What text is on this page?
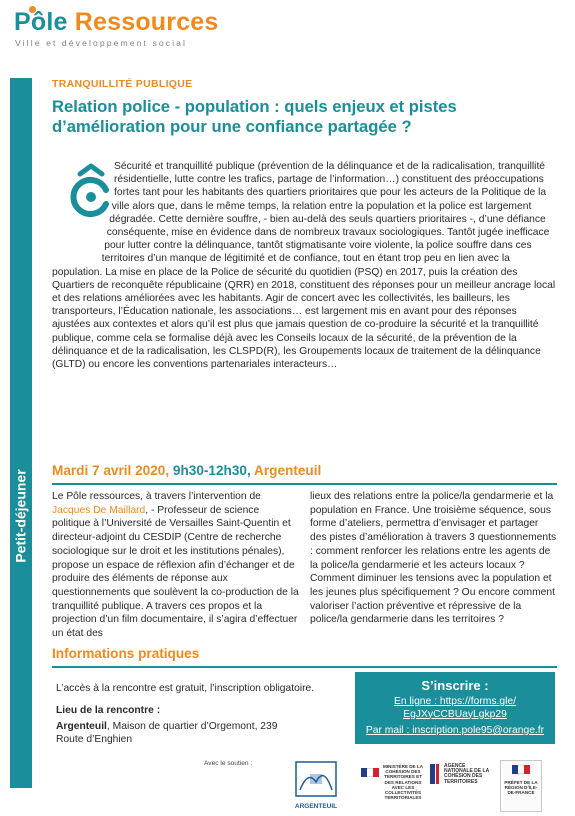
Pôle Ressources
Ville et développement social
Petit-déjeuner
TRANQUILLITÉ PUBLIQUE
Relation police - population : quels enjeux et pistes d’amélioration pour une confiance partagée ?
Sécurité et tranquillité publique (prévention de la délinquance et de la radicalisation, tranquillité résidentielle, lutte contre les trafics, partage de l’information…) constituent des préoccupations fortes tant pour les habitants des quartiers prioritaires que pour les acteurs de la Politique de la ville alors que, dans le même temps, la relation entre la population et la police est largement dégradée. Cette dernière souffre, - bien au-delà des seuls quartiers prioritaires -, d’une défiance conséquente, mise en évidence dans de nombreux travaux sociologiques. Tantôt jugée inefficace pour lutter contre la délinquance, tantôt stigmatisante voire violente, la police souffre dans ces territoires d’un manque de légitimité et de confiance, tout en étant trop peu en lien avec la population. La mise en place de la Police de sécurité du quotidien (PSQ) en 2017, puis la création des Quartiers de reconquête républicaine (QRR) en 2018, constituent des réponses pour un meilleur ancrage local et des relations améliorées avec les habitants. Agir de concert avec les collectivités, les bailleurs, les transporteurs, l’Éducation nationale, les associations… est largement mis en avant pour des réponses ajustées aux contextes et alors qu’il est plus que jamais question de co-produire la sécurité et la tranquillité publique, comme cela se formalise déjà avec les Conseils locaux de la sécurité, de la prévention de la délinquance et de la radicalisation, les CLSPD(R), les Groupements locaux de traitement de la délinquance (GLTD) ou encore les conventions partenariales interacteurs…
Mardi 7 avril 2020, 9h30-12h30, Argenteuil
Le Pôle ressources, à travers l’intervention de Jacques De Maillard, - Professeur de science politique à l’Université de Versailles Saint-Quentin et directeur-adjoint du CESDIP (Centre de recherche sociologique sur le droit et les institutions pénales), propose un espace de réflexion afin d’échanger et de produire des éléments de réponse aux questionnements que soulèvent la co-production de la tranquillité publique. A travers ces propos et la projection d’un film documentaire, il s’agira d’effectuer un état des
lieux des relations entre la police/la gendarmerie et la population en France. Une troisième séquence, sous forme d’ateliers, permettra d’envisager et partager des pistes d’amélioration à travers 3 questionnements : comment renforcer les relations entre les agents de la police/la gendarmerie et les acteurs locaux ? Comment diminuer les tensions avec la population et les jeunes plus spécifiquement ? Ou encore comment valoriser l’action préventive et répressive de la police/la gendarmerie dans les territoires ?
Informations pratiques
L’accès à la rencontre est gratuit, l’inscription obligatoire.
Lieu de la rencontre :
Argenteuil, Maison de quartier d’Orgemont, 239 Route d’Enghien
S’inscrire :
En ligne : https://forms.gle/
EgJXyCCBUayLgkp29
Par mail : inscription.pole95@orange.fr
Avec le soutien :
ARGENTEUIL
MINISTÈRE DE LA COHÉSION DES TERRITOIRES ET DES RELATIONS AVEC LES COLLECTIVITÉS TERRITORIALES
AGENCE NATIONALE DE LA COHÉSION DES TERRITOIRES	PRÉFET DE LA RÉGION D’ÎLE-DE-FRANCE
